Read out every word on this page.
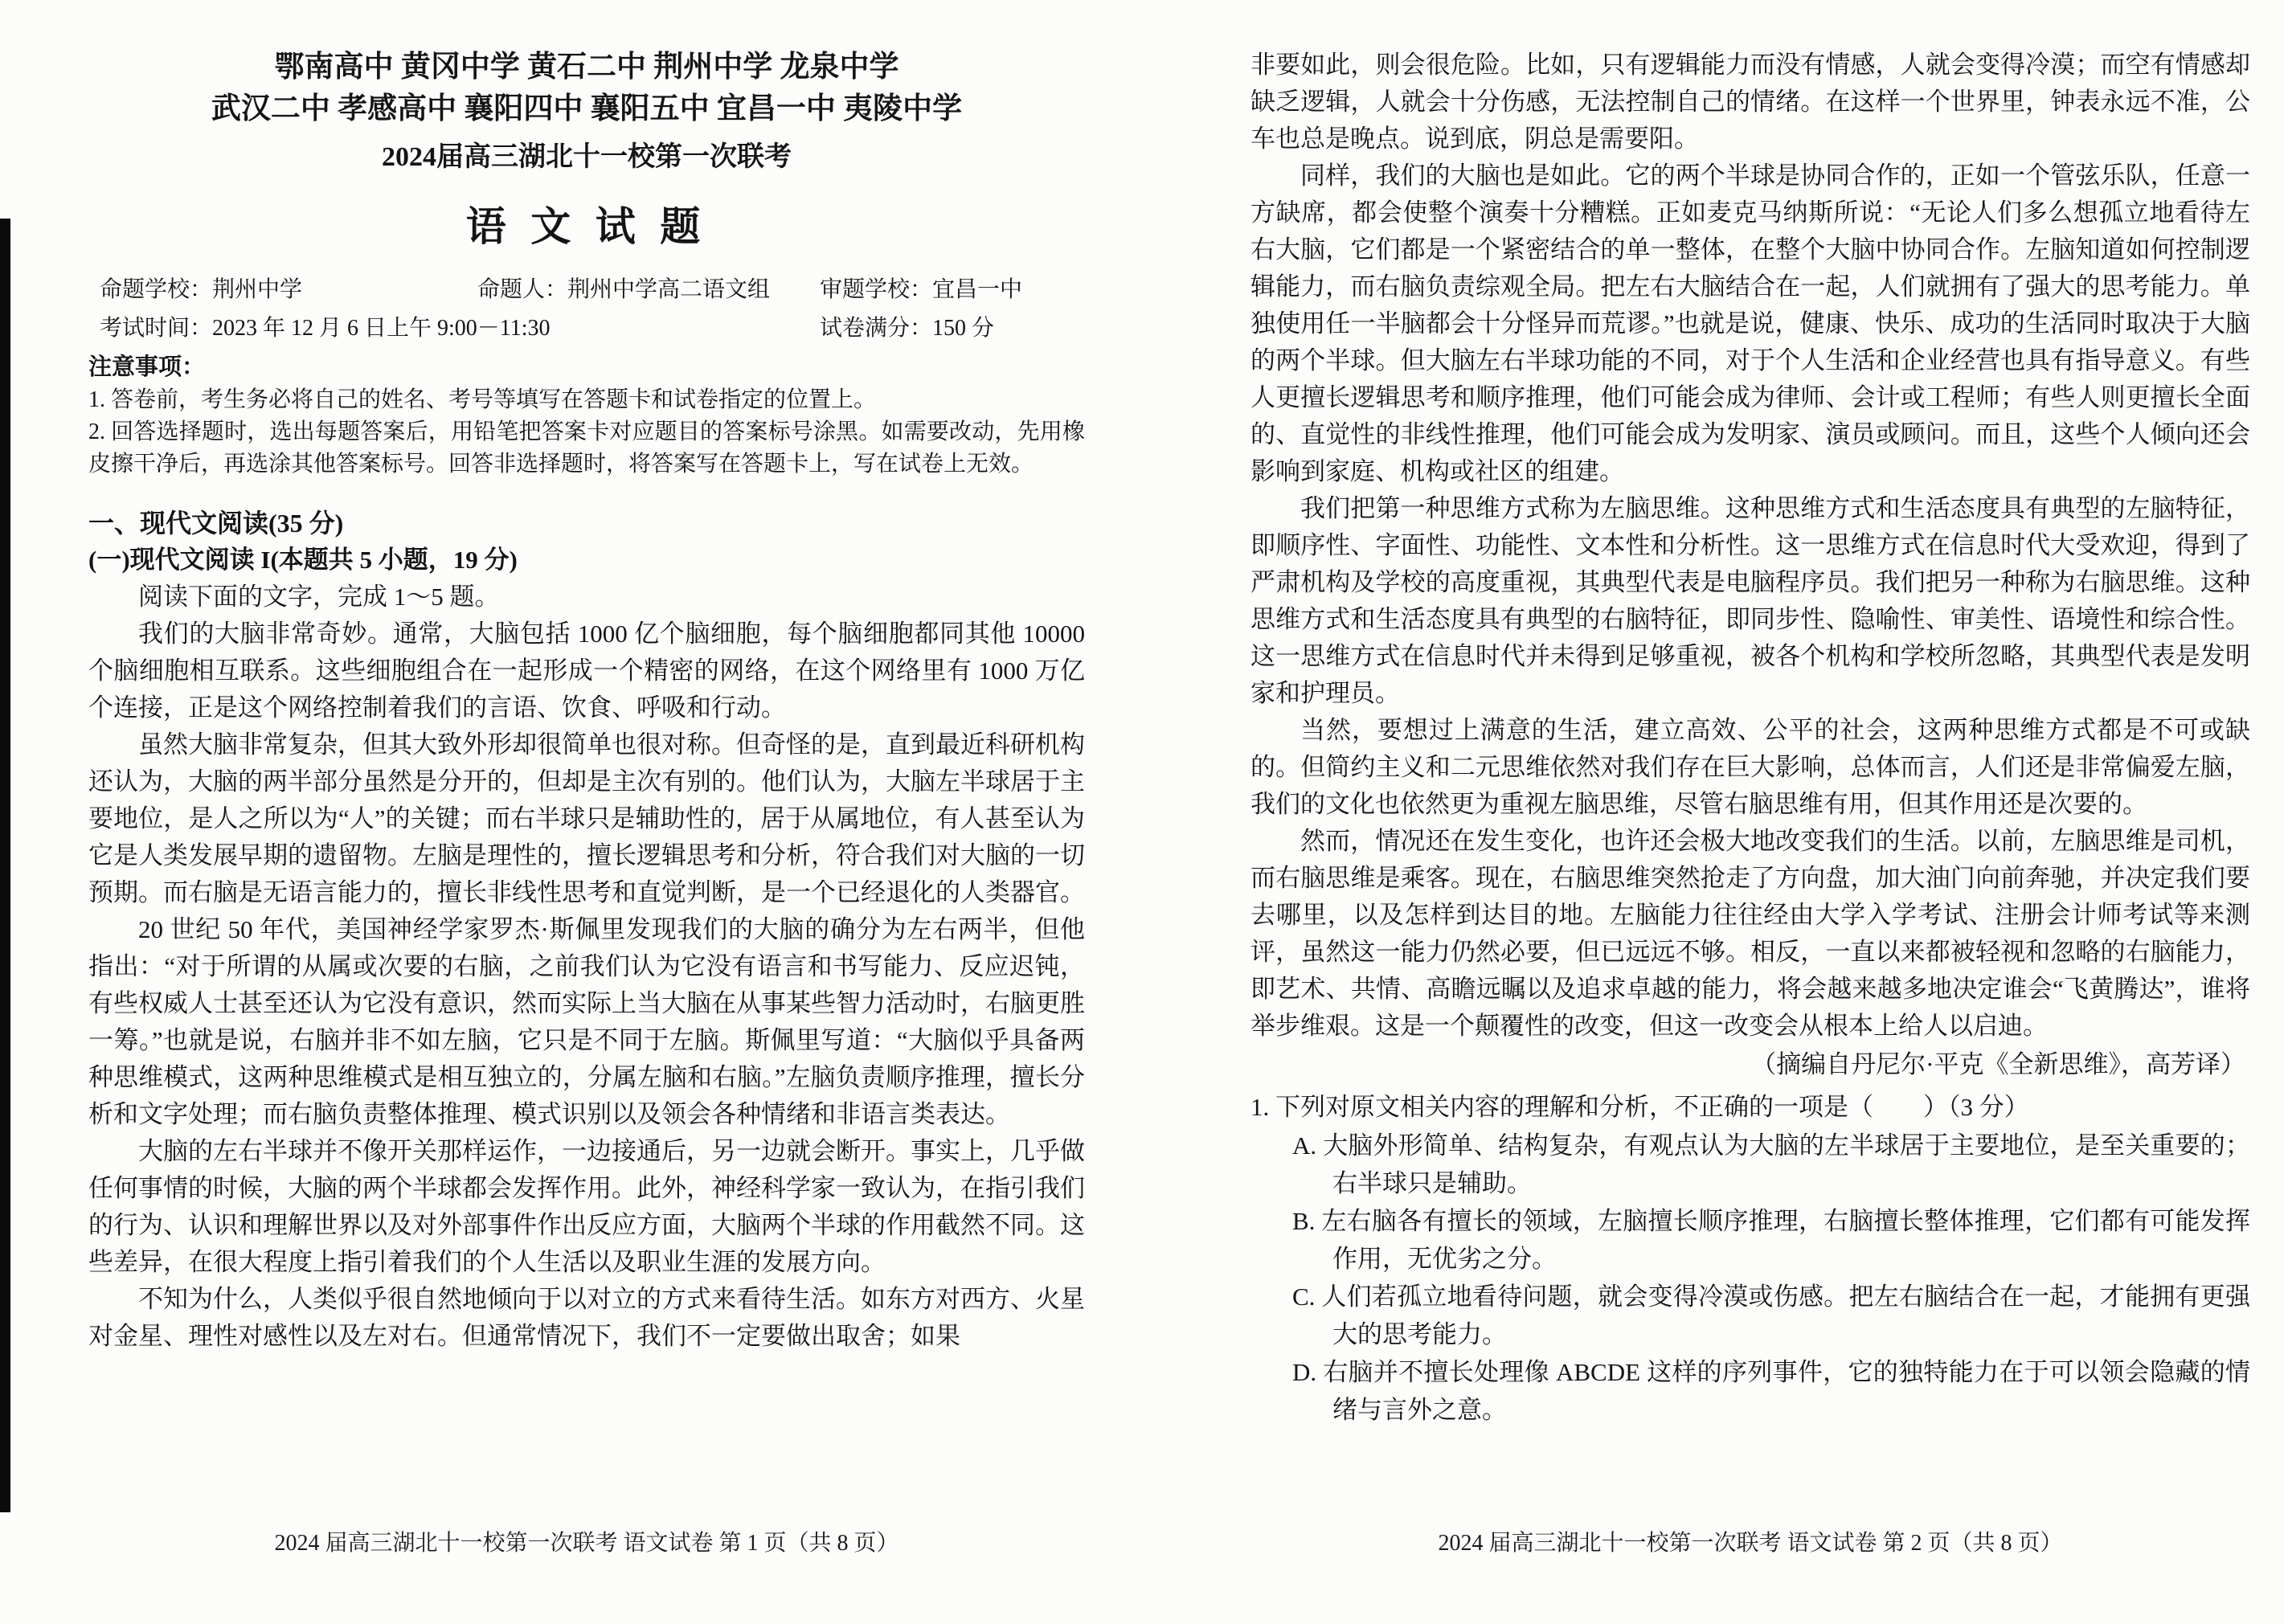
鄂南高中 黄冈中学 黄石二中 荆州中学 龙泉中学

武汉二中 孝感高中 襄阳四中 襄阳五中 宜昌一中 夷陵中学

2024届高三湖北十一校第一次联考

语 文 试 题

命题学校：荆州中学	命题人：荆州中学高二语文组	审题学校：宜昌一中
考试时间：2023 年 12 月 6 日上午 9:00－11:30	试卷满分：150 分
注意事项：
1. 答卷前，考生务必将自己的姓名、考号等填写在答题卡和试卷指定的位置上。
2. 回答选择题时，选出每题答案后，用铅笔把答案卡对应题目的答案标号涂黑。如需要改动，先用橡皮擦干净后，再选涂其他答案标号。回答非选择题时，将答案写在答题卡上，写在试卷上无效。
一、现代文阅读(35 分)
(一)现代文阅读 I(本题共 5 小题，19 分)
阅读下面的文字，完成 1～5 题。

我们的大脑非常奇妙。通常，大脑包括 1000 亿个脑细胞，每个脑细胞都同其他 10000 个脑细胞相互联系。这些细胞组合在一起形成一个精密的网络，在这个网络里有 1000 万亿个连接，正是这个网络控制着我们的言语、饮食、呼吸和行动。

虽然大脑非常复杂，但其大致外形却很简单也很对称。但奇怪的是，直到最近科研机构还认为，大脑的两半部分虽然是分开的，但却是主次有别的。他们认为，大脑左半球居于主要地位，是人之所以为“人”的关键；而右半球只是辅助性的，居于从属地位，有人甚至认为它是人类发展早期的遗留物。左脑是理性的，擅长逻辑思考和分析，符合我们对大脑的一切预期。而右脑是无语言能力的，擅长非线性思考和直觉判断，是一个已经退化的人类器官。

20 世纪 50 年代，美国神经学家罗杰·斯佩里发现我们的大脑的确分为左右两半，但他指出：“对于所谓的从属或次要的右脑，之前我们认为它没有语言和书写能力、反应迟钝，有些权威人士甚至还认为它没有意识，然而实际上当大脑在从事某些智力活动时，右脑更胜一筹。”也就是说，右脑并非不如左脑，它只是不同于左脑。斯佩里写道：“大脑似乎具备两种思维模式，这两种思维模式是相互独立的，分属左脑和右脑。”左脑负责顺序推理，擅长分析和文字处理；而右脑负责整体推理、模式识别以及领会各种情绪和非语言类表达。

大脑的左右半球并不像开关那样运作，一边接通后，另一边就会断开。事实上，几乎做任何事情的时候，大脑的两个半球都会发挥作用。此外，神经科学家一致认为，在指引我们的行为、认识和理解世界以及对外部事件作出反应方面，大脑两个半球的作用截然不同。这些差异，在很大程度上指引着我们的个人生活以及职业生涯的发展方向。

不知为什么，人类似乎很自然地倾向于以对立的方式来看待生活。如东方对西方、火星对金星、理性对感性以及左对右。但通常情况下，我们不一定要做出取舍；如果

2024 届高三湖北十一校第一次联考 语文试卷 第 1 页（共 8 页）

非要如此，则会很危险。比如，只有逻辑能力而没有情感，人就会变得冷漠；而空有情感却缺乏逻辑，人就会十分伤感，无法控制自己的情绪。在这样一个世界里，钟表永远不准，公车也总是晚点。说到底，阴总是需要阳。

同样，我们的大脑也是如此。它的两个半球是协同合作的，正如一个管弦乐队，任意一方缺席，都会使整个演奏十分糟糕。正如麦克马纳斯所说：“无论人们多么想孤立地看待左右大脑，它们都是一个紧密结合的单一整体，在整个大脑中协同合作。左脑知道如何控制逻辑能力，而右脑负责综观全局。把左右大脑结合在一起，人们就拥有了强大的思考能力。单独使用任一半脑都会十分怪异而荒谬。”也就是说，健康、快乐、成功的生活同时取决于大脑的两个半球。但大脑左右半球功能的不同，对于个人生活和企业经营也具有指导意义。有些人更擅长逻辑思考和顺序推理，他们可能会成为律师、会计或工程师；有些人则更擅长全面的、直觉性的非线性推理，他们可能会成为发明家、演员或顾问。而且，这些个人倾向还会影响到家庭、机构或社区的组建。

我们把第一种思维方式称为左脑思维。这种思维方式和生活态度具有典型的左脑特征，即顺序性、字面性、功能性、文本性和分析性。这一思维方式在信息时代大受欢迎，得到了严肃机构及学校的高度重视，其典型代表是电脑程序员。我们把另一种称为右脑思维。这种思维方式和生活态度具有典型的右脑特征，即同步性、隐喻性、审美性、语境性和综合性。这一思维方式在信息时代并未得到足够重视，被各个机构和学校所忽略，其典型代表是发明家和护理员。

当然，要想过上满意的生活，建立高效、公平的社会，这两种思维方式都是不可或缺的。但简约主义和二元思维依然对我们存在巨大影响，总体而言，人们还是非常偏爱左脑，我们的文化也依然更为重视左脑思维，尽管右脑思维有用，但其作用还是次要的。

然而，情况还在发生变化，也许还会极大地改变我们的生活。以前，左脑思维是司机，而右脑思维是乘客。现在，右脑思维突然抢走了方向盘，加大油门向前奔驰，并决定我们要去哪里，以及怎样到达目的地。左脑能力往往经由大学入学考试、注册会计师考试等来测评，虽然这一能力仍然必要，但已远远不够。相反，一直以来都被轻视和忽略的右脑能力，即艺术、共情、高瞻远瞩以及追求卓越的能力，将会越来越多地决定谁会“飞黄腾达”，谁将举步维艰。这是一个颠覆性的改变，但这一改变会从根本上给人以启迪。

（摘编自丹尼尔·平克《全新思维》，高芳译）
1. 下列对原文相关内容的理解和分析，不正确的一项是（　　）（3 分）
A. 大脑外形简单、结构复杂，有观点认为大脑的左半球居于主要地位，是至关重要的；右半球只是辅助。
B. 左右脑各有擅长的领域，左脑擅长顺序推理，右脑擅长整体推理，它们都有可能发挥作用，无优劣之分。
C. 人们若孤立地看待问题，就会变得冷漠或伤感。把左右脑结合在一起，才能拥有更强大的思考能力。
D. 右脑并不擅长处理像 ABCDE 这样的序列事件，它的独特能力在于可以领会隐藏的情绪与言外之意。
2024 届高三湖北十一校第一次联考 语文试卷 第 2 页（共 8 页）
